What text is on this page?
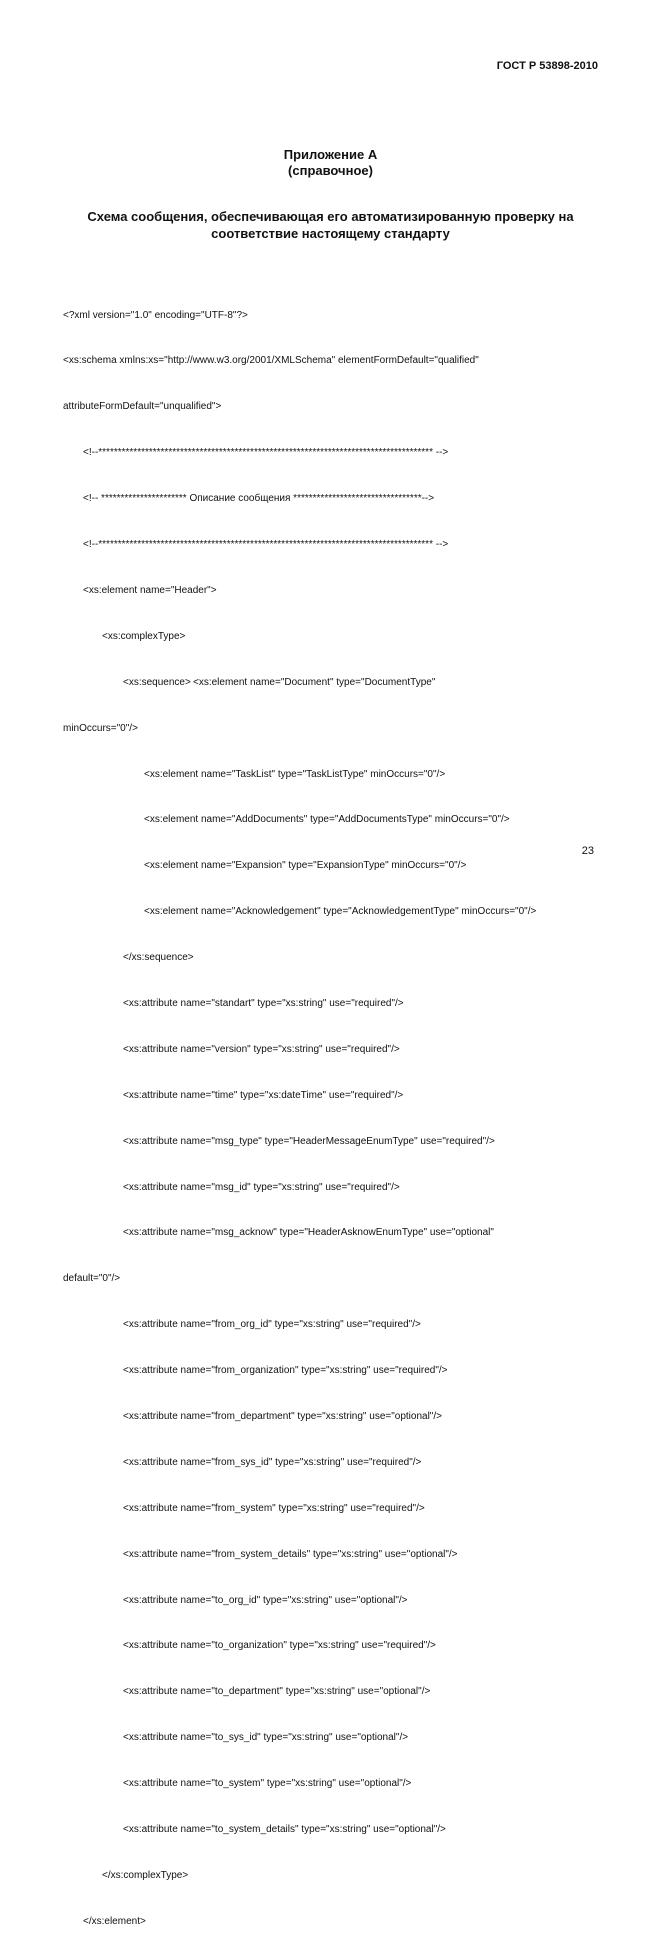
ГОСТ Р 53898-2010
Приложение А
(справочное)
Схема сообщения, обеспечивающая его автоматизированную проверку на
соответствие настоящему стандарту

<?xml version="1.0" encoding="UTF-8"?>

<xs:schema xmlns:xs="http://www.w3.org/2001/XMLSchema" elementFormDefault="qualified"

attributeFormDefault="unqualified">

<!--************************************************************************************** -->

<!-- ********************** Описание сообщения *********************************-->

<!--************************************************************************************** -->

<xs:element name="Header">

<xs:complexType>

<xs:sequence> <xs:element name="Document" type="DocumentType"

minOccurs="0"/>

<xs:element name="TaskList" type="TaskListType" minOccurs="0"/>

<xs:element name="AddDocuments" type="AddDocumentsType" minOccurs="0"/>

<xs:element name="Expansion" type="ExpansionType" minOccurs="0"/>

<xs:element name="Acknowledgement" type="AcknowledgementType" minOccurs="0"/>

</xs:sequence>

<xs:attribute name="standart" type="xs:string" use="required"/>

<xs:attribute name="version" type="xs:string" use="required"/>

<xs:attribute name="time" type="xs:dateTime" use="required"/>

<xs:attribute name="msg_type" type="HeaderMessageEnumType" use="required"/>

<xs:attribute name="msg_id" type="xs:string" use="required"/>

<xs:attribute name="msg_acknow" type="HeaderAsknowEnumType" use="optional"

default="0"/>

<xs:attribute name="from_org_id" type="xs:string" use="required"/>

<xs:attribute name="from_organization" type="xs:string" use="required"/>

<xs:attribute name="from_department" type="xs:string" use="optional"/>

<xs:attribute name="from_sys_id" type="xs:string" use="required"/>

<xs:attribute name="from_system" type="xs:string" use="required"/>

<xs:attribute name="from_system_details" type="xs:string" use="optional"/>

<xs:attribute name="to_org_id" type="xs:string" use="optional"/>

<xs:attribute name="to_organization" type="xs:string" use="required"/>

<xs:attribute name="to_department" type="xs:string" use="optional"/>

<xs:attribute name="to_sys_id" type="xs:string" use="optional"/>

<xs:attribute name="to_system" type="xs:string" use="optional"/>

<xs:attribute name="to_system_details" type="xs:string" use="optional"/>

</xs:complexType>

</xs:element>

23
